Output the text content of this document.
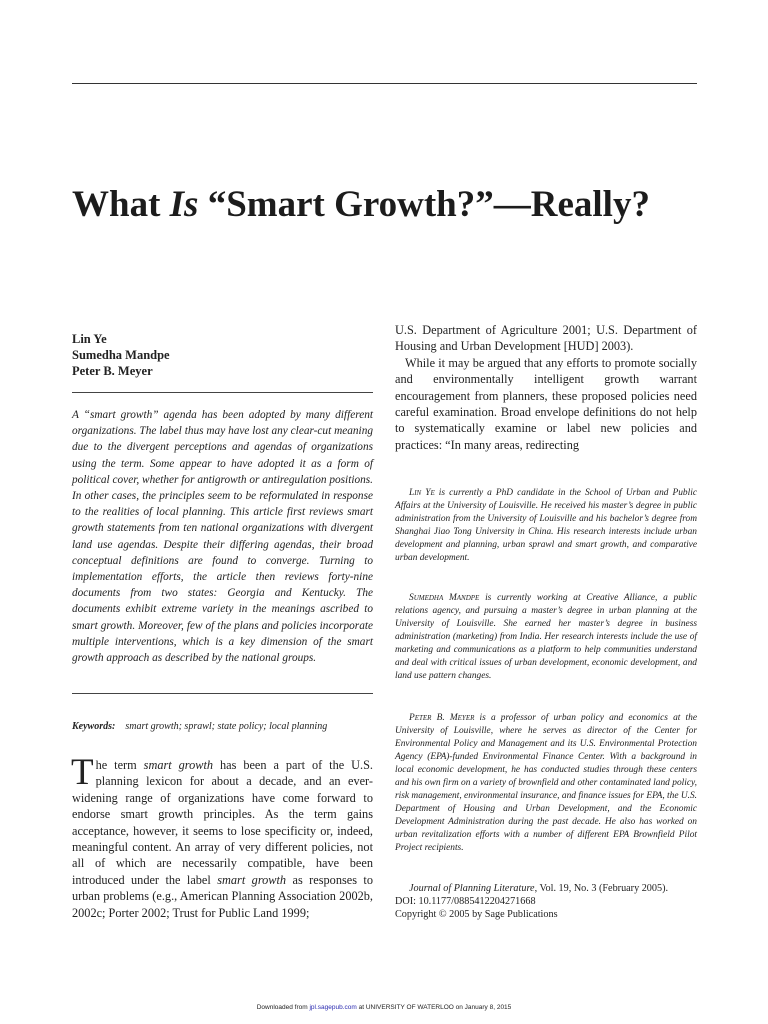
What Is “Smart Growth?”—Really?
Lin Ye
Sumedha Mandpe
Peter B. Meyer

A “smart growth” agenda has been adopted by many different organizations. The label thus may have lost any clear-cut meaning due to the divergent perceptions and agendas of organizations using the term. Some appear to have adopted it as a form of political cover, whether for antigrowth or antiregulation positions. In other cases, the principles seem to be reformulated in response to the realities of local planning. This article first reviews smart growth statements from ten national organizations with divergent land use agendas. Despite their differing agendas, their broad conceptual definitions are found to converge. Turning to implementation efforts, the article then reviews forty-nine documents from two states: Georgia and Kentucky. The documents exhibit extreme variety in the meanings ascribed to smart growth. Moreover, few of the plans and policies incorporate multiple interventions, which is a key dimension of the smart growth approach as described by the national groups.

Keywords: smart growth; sprawl; state policy; local planning

The term smart growth has been a part of the U.S. planning lexicon for about a decade, and an ever-widening range of organizations have come forward to endorse smart growth principles. As the term gains acceptance, however, it seems to lose specificity or, indeed, meaningful content. An array of very different policies, not all of which are necessarily compatible, have been introduced under the label smart growth as responses to urban problems (e.g., American Planning Association 2002b, 2002c; Porter 2002; Trust for Public Land 1999;

U.S. Department of Agriculture 2001; U.S. Department of Housing and Urban Development [HUD] 2003).

While it may be argued that any efforts to promote socially and environmentally intelligent growth warrant encouragement from planners, these proposed policies need careful examination. Broad envelope definitions do not help to systematically examine or label new policies and practices: “In many areas, redirecting

Lin Ye is currently a PhD candidate in the School of Urban and Public Affairs at the University of Louisville. He received his master’s degree in public administration from the University of Louisville and his bachelor’s degree from Shanghai Jiao Tong University in China. His research interests include urban development and planning, urban sprawl and smart growth, and comparative urban development.

Sumedha Mandpe is currently working at Creative Alliance, a public relations agency, and pursuing a master’s degree in urban planning at the University of Louisville. She earned her master’s degree in business administration (marketing) from India. Her research interests include the use of marketing and communications as a platform to help communities understand and deal with critical issues of urban development, economic development, and land use pattern changes.

Peter B. Meyer is a professor of urban policy and economics at the University of Louisville, where he serves as director of the Center for Environmental Policy and Management and its U.S. Environmental Protection Agency (EPA)-funded Environmental Finance Center. With a background in local economic development, he has conducted studies through these centers and his own firm on a variety of brownfield and other contaminated land policy, risk management, environmental insurance, and finance issues for EPA, the U.S. Department of Housing and Urban Development, and the Economic Development Administration during the past decade. He also has worked on urban revitalization efforts with a number of different EPA Brownfield Pilot Project recipients.

Journal of Planning Literature, Vol. 19, No. 3 (February 2005).
DOI: 10.1177/0885412204271668
Copyright © 2005 by Sage Publications
Downloaded from jpl.sagepub.com at UNIVERSITY OF WATERLOO on January 8, 2015
